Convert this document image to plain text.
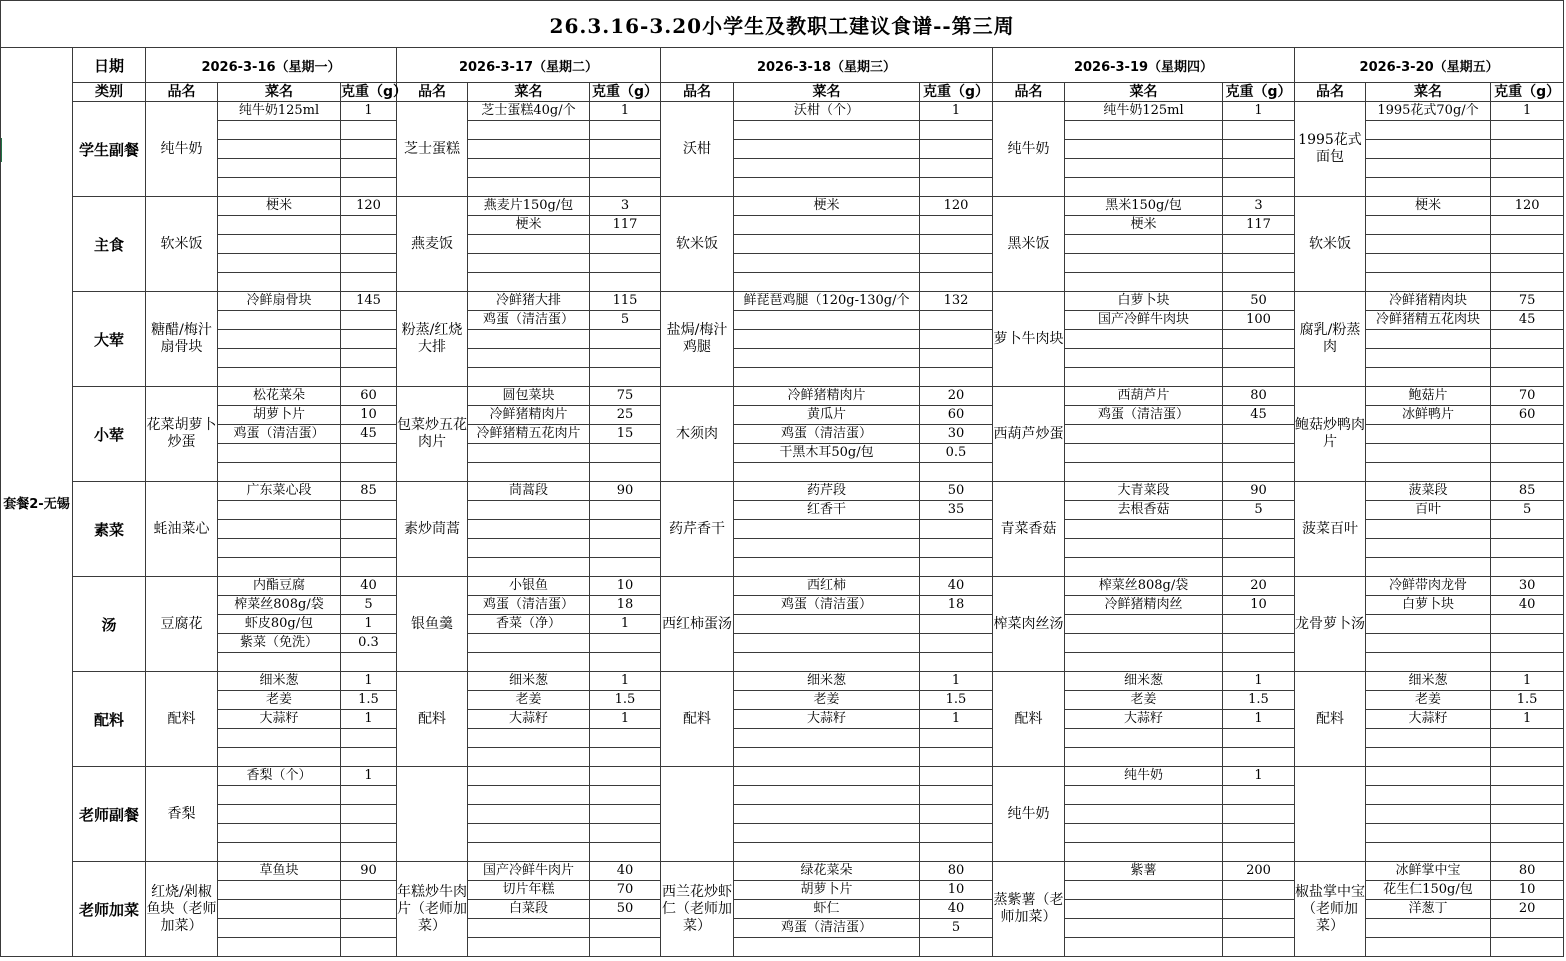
26.3.16-3.20小学生及教职工建议食谱--第三周																

套餐2-无锡	日期	2026-3-16（星期一）			2026-3-17（星期二）			2026-3-18（星期三）			2026-3-19（星期四）			2026-3-20（星期五）		
	类别	品名	菜名	克重（g）	品名	菜名	克重（g）	品名	菜名	克重（g）	品名	菜名	克重（g）	品名	菜名	克重（g）
	学生副餐	纯牛奶	纯牛奶125ml	1	芝士蛋糕	芝士蛋糕40g/个	1	沃柑	沃柑（个）	1	纯牛奶	纯牛奶125ml	1	1995花式面包	1995花式70g/个	1

	主食	软米饭	梗米	120	燕麦饭	燕麦片150g/包	3	软米饭	梗米	120	黑米饭	黑米150g/包	3	软米饭	梗米	120
						梗米	117					梗米	117			

	大荤	糖醋/梅汁扇骨块	冷鲜扇骨块	145	粉蒸/红烧大排	冷鲜猪大排	115	盐焗/梅汁鸡腿	鲜琵琶鸡腿（120g-130g/个	132	萝卜牛肉块	白萝卜块	50	腐乳/粉蒸肉	冷鲜猪精肉块	75
						鸡蛋（清洁蛋）	5					国产冷鲜牛肉块	100		冷鲜猪精五花肉块	45

	小荤	花菜胡萝卜炒蛋	松花菜朵	60	包菜炒五花肉片	圆包菜块	75	木须肉	冷鲜猪精肉片	20	西葫芦炒蛋	西葫芦片	80	鲍菇炒鸭肉片	鲍菇片	70
			胡萝卜片	10		冷鲜猪精肉片	25		黄瓜片	60		鸡蛋（清洁蛋）	45		冰鲜鸭片	60
			鸡蛋（清洁蛋）	45		冷鲜猪精五花肉片	15		鸡蛋（清洁蛋）	30						
									干黑木耳50g/包	0.5						

	素菜	蚝油菜心	广东菜心段	85	素炒茼蒿	茼蒿段	90	药芹香干	药芹段	50	青菜香菇	大青菜段	90	菠菜百叶	菠菜段	85
									红香干	35		去根香菇	5		百叶	5

	汤	豆腐花	内酯豆腐	40	银鱼羹	小银鱼	10	西红柿蛋汤	西红柿	40	榨菜肉丝汤	榨菜丝808g/袋	20	龙骨萝卜汤	冷鲜带肉龙骨	30
			榨菜丝808g/袋	5		鸡蛋（清洁蛋）	18		鸡蛋（清洁蛋）	18		冷鲜猪精肉丝	10		白萝卜块	40
			虾皮80g/包	1		香菜（净）	1									
			紫菜（免洗）	0.3												

	配料	配料	细米葱	1	配料	细米葱	1	配料	细米葱	1	配料	细米葱	1	配料	细米葱	1
			老姜	1.5		老姜	1.5		老姜	1.5		老姜	1.5		老姜	1.5
			大蒜籽	1		大蒜籽	1		大蒜籽	1		大蒜籽	1		大蒜籽	1

	老师副餐	香梨	香梨（个）	1							纯牛奶	纯牛奶	1			

	老师加菜	红烧/剁椒鱼块（老师加菜）	草鱼块	90	年糕炒牛肉片（老师加菜）	国产冷鲜牛肉片	40	西兰花炒虾仁（老师加菜）	绿花菜朵	80	蒸紫薯（老师加菜）	紫薯	200	椒盐掌中宝（老师加菜）	冰鲜掌中宝	80
						切片年糕	70		胡萝卜片	10					花生仁150g/包	10
						白菜段	50		虾仁	40					洋葱丁	20
									鸡蛋（清洁蛋）	5						
